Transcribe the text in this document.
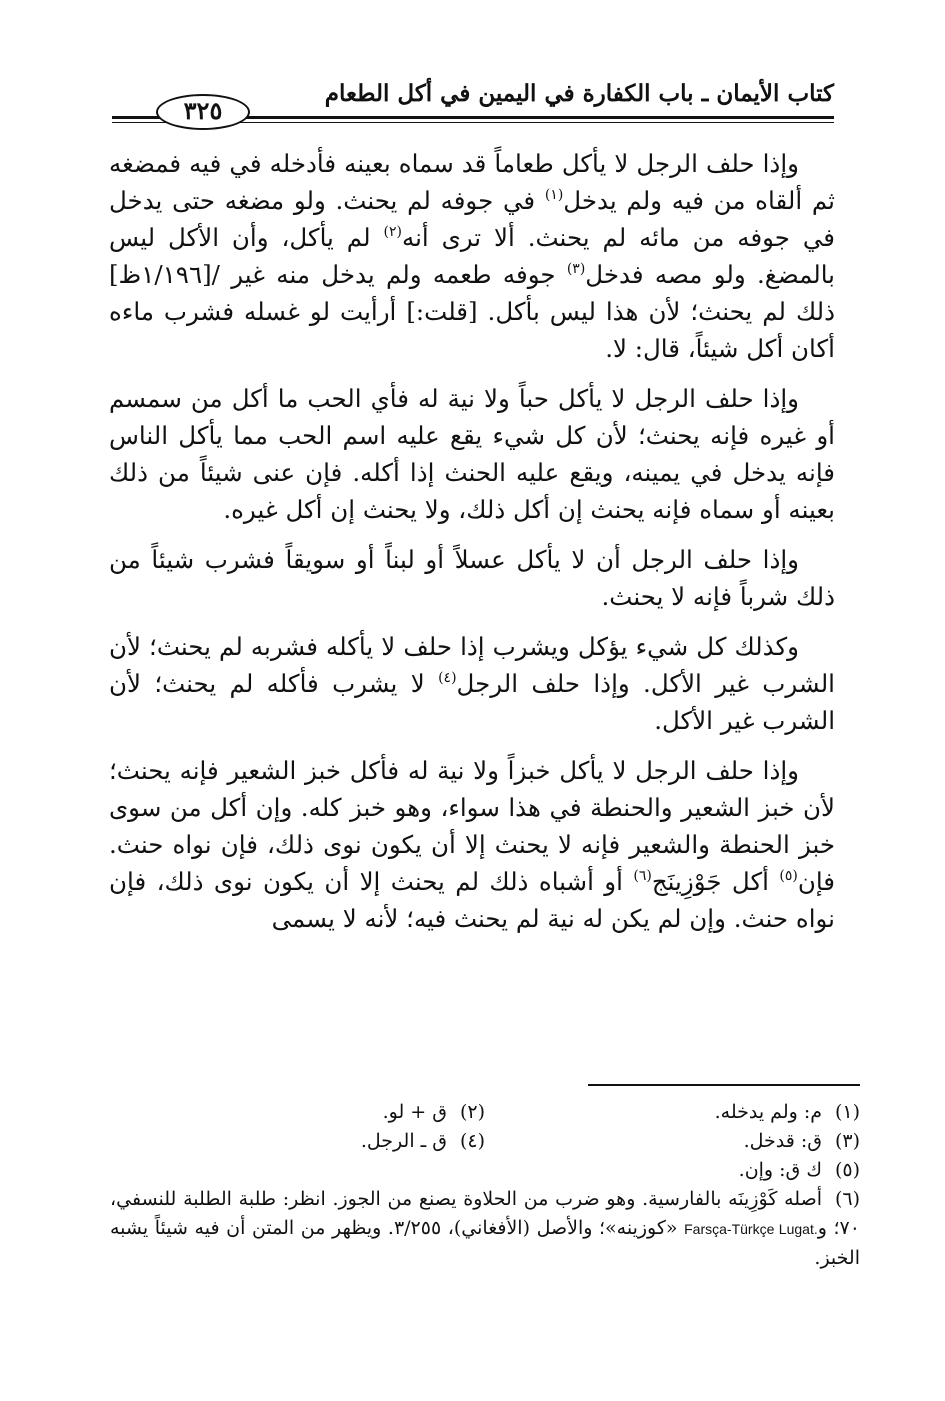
كتاب الأيمان ـ باب الكفارة في اليمين في أكل الطعام
٣٢٥

وإذا حلف الرجل لا يأكل طعاماً قد سماه بعينه فأدخله في فيه فمضغه ثم ألقاه من فيه ولم يدخل$^{(١)}$ في جوفه لم يحنث. ولو مضغه حتى يدخل في جوفه من مائه لم يحنث. ألا ترى أنه$^{(٢)}$ لم يأكل، وأن الأكل ليس بالمضغ. ولو مصه فدخل$^{(٣)}$ جوفه طعمه ولم يدخل منه غير /[١/١٩٦ظ] ذلك لم يحنث؛ لأن هذا ليس بأكل. [قلت:] أرأيت لو غسله فشرب ماءه أكان أكل شيئاً، قال: لا.

وإذا حلف الرجل لا يأكل حباً ولا نية له فأي الحب ما أكل من سمسم أو غيره فإنه يحنث؛ لأن كل شيء يقع عليه اسم الحب مما يأكل الناس فإنه يدخل في يمينه، ويقع عليه الحنث إذا أكله. فإن عنى شيئاً من ذلك بعينه أو سماه فإنه يحنث إن أكل ذلك، ولا يحنث إن أكل غيره.

وإذا حلف الرجل أن لا يأكل عسلاً أو لبناً أو سويقاً فشرب شيئاً من ذلك شرباً فإنه لا يحنث.

وكذلك كل شيء يؤكل ويشرب إذا حلف لا يأكله فشربه لم يحنث؛ لأن الشرب غير الأكل. وإذا حلف الرجل$^{(٤)}$ لا يشرب فأكله لم يحنث؛ لأن الشرب غير الأكل.

وإذا حلف الرجل لا يأكل خبزاً ولا نية له فأكل خبز الشعير فإنه يحنث؛ لأن خبز الشعير والحنطة في هذا سواء، وهو خبز كله. وإن أكل من سوى خبز الحنطة والشعير فإنه لا يحنث إلا أن يكون نوى ذلك، فإن نواه حنث. فإن$^{(٥)}$ أكل جَوْزِينَج$^{(٦)}$ أو أشباه ذلك لم يحنث إلا أن يكون نوى ذلك، فإن نواه حنث. وإن لم يكن له نية لم يحنث فيه؛ لأنه لا يسمى

(١)م: ولم يدخله.
(٢)ق + لو.
(٣)ق: قدخل.
(٤)ق ـ الرجل.
(٥)ك ق: وإن.
(٦)أصله كَوْزِينَه بالفارسية. وهو ضرب من الحلاوة يصنع من الجوز. انظر: طلبة الطلبة للنسفي، ٧٠؛ وFarsça-Türkçe Lugat. «كوزينه»؛ والأصل (الأفغاني)، ٣/٢٥٥. ويظهر من المتن أن فيه شيئاً يشبه الخبز.
